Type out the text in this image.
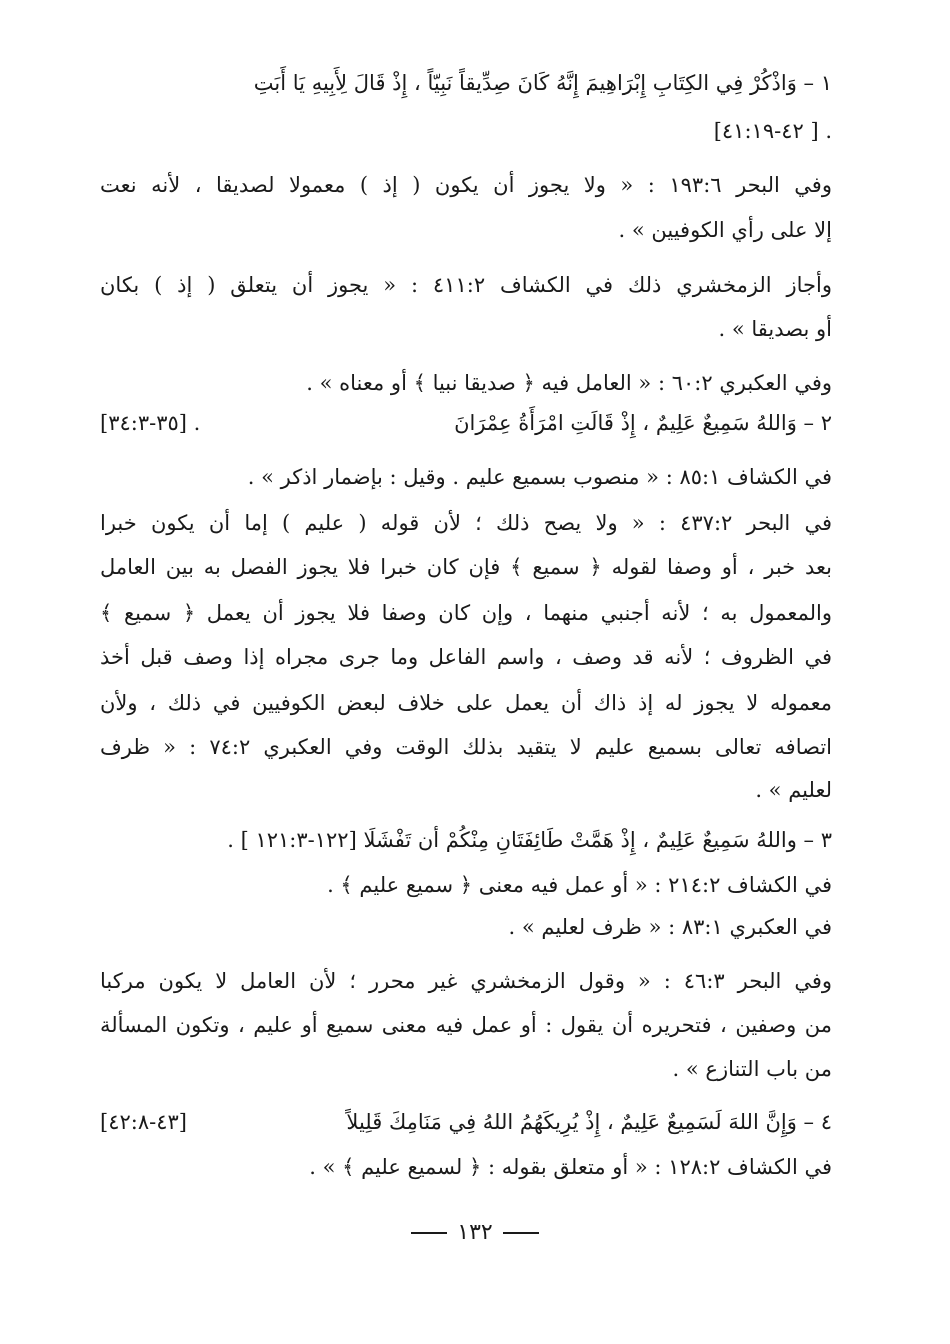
١ – وَاذْكُرْ فِي الكِتَابِ إِبْرَاهِيمَ إِنَّهُ كَانَ صِدِّيقاً نَبِيّاً ، إِذْ قَالَ لِأَبِيهِ يَا أَبَتِ
. [ ٤٢-٤١:١٩]
وفي البحر ١٩٣:٦ : « ولا يجوز أن يكون ( إذ ) معمولا لصديقا ، لأنه نعت
إلا على رأي الكوفيين » .
وأجاز الزمخشري ذلك في الكشاف ٤١١:٢ : « يجوز أن يتعلق ( إذ ) بكان
أو بصديقا » .
وفي العكبري ٦٠:٢ : « العامل فيه ﴿ صديقا نبيا ﴾ أو معناه » .
٢ – وَاللهُ سَمِيعٌ عَلِيمٌ ، إِذْ قَالَتِ امْرَأَةُ عِمْرَانَ
. [٣٥-٣٤:٣]
في الكشاف ٨٥:١ : « منصوب بسميع عليم . وقيل : بإضمار اذكر » .
في البحر ٤٣٧:٢ : « ولا يصح ذلك ؛ لأن قوله ( عليم ) إما أن يكون خبرا
بعد خبر ، أو وصفا لقوله ﴿ سميع ﴾ فإن كان خبرا فلا يجوز الفصل به بين العامل
والمعمول به ؛ لأنه أجنبي منهما ، وإن كان وصفا فلا يجوز أن يعمل ﴿ سميع ﴾
في الظروف ؛ لأنه قد وصف ، واسم الفاعل وما جرى مجراه إذا وصف قبل أخذ
معموله لا يجوز له إذ ذاك أن يعمل على خلاف لبعض الكوفيين في ذلك ، ولأن
اتصافه تعالى بسميع عليم لا يتقيد بذلك الوقت وفي العكبري ٧٤:٢ : « ظرف
لعليم » .
٣ – واللهُ سَمِيعٌ عَلِيمٌ ، إِذْ هَمَّتْ طَائِفَتَانِ مِنْكُمْ أن تَفْشَلَا [١٢٢-١٢١:٣ ] .
في الكشاف ٢١٤:٢ : « أو عمل فيه معنى ﴿ سميع عليم ﴾ .
في العكبري ٨٣:١ : « ظرف لعليم » .
وفي البحر ٤٦:٣ : « وقول الزمخشري غير محرر ؛ لأن العامل لا يكون مركبا
من وصفين ، فتحريره أن يقول : أو عمل فيه معنى سميع أو عليم ، وتكون المسألة
من باب التنازع » .
٤ – وَإِنَّ اللهَ لَسَمِيعٌ عَلِيمٌ ، إِذْ يُرِيكَهُمُ اللهُ فِي مَنَامِكَ قَلِيلاً
[٤٣-٤٢:٨]
في الكشاف ١٢٨:٢ : « أو متعلق بقوله : ﴿ لسميع عليم ﴾ » .
١٣٢
